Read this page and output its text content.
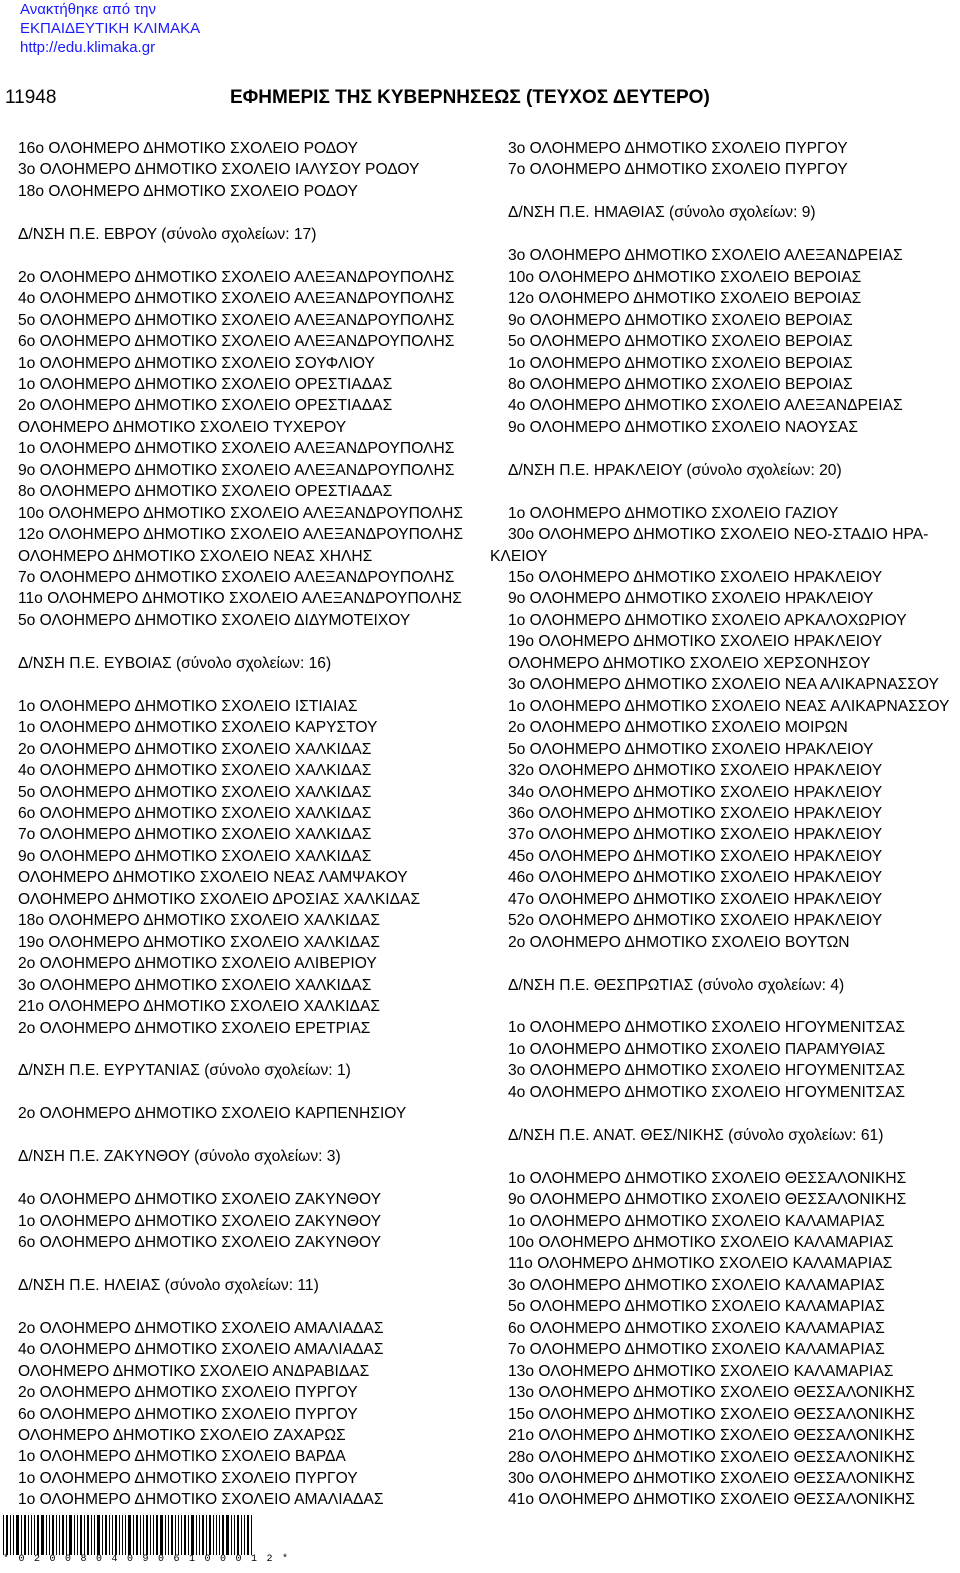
Ανακτήθηκε από την
ΕΚΠΑΙΔΕΥΤΙΚΗ ΚΛΙΜΑΚΑ
http://edu.klimaka.gr
11948	ΕΦΗΜΕΡΙΣ ΤΗΣ ΚΥΒΕΡΝΗΣΕΩΣ (ΤΕΥΧΟΣ ΔΕΥΤΕΡΟ)
16ο ΟΛΟΗΜΕΡΟ ΔΗΜΟΤΙΚΟ ΣΧΟΛΕΙΟ ΡΟΔΟΥ
3ο ΟΛΟΗΜΕΡΟ ΔΗΜΟΤΙΚΟ ΣΧΟΛΕΙΟ ΙΑΛΥΣΟΥ ΡΟΔΟΥ
18ο ΟΛΟΗΜΕΡΟ ΔΗΜΟΤΙΚΟ ΣΧΟΛΕΙΟ ΡΟΔΟΥ
Δ/ΝΣΗ Π.Ε. ΕΒΡΟΥ (σύνολο σχολείων: 17)
2ο ΟΛΟΗΜΕΡΟ ΔΗΜΟΤΙΚΟ ΣΧΟΛΕΙΟ ΑΛΕΞΑΝΔΡΟΥΠΟΛΗΣ
4ο ΟΛΟΗΜΕΡΟ ΔΗΜΟΤΙΚΟ ΣΧΟΛΕΙΟ ΑΛΕΞΑΝΔΡΟΥΠΟΛΗΣ
5ο ΟΛΟΗΜΕΡΟ ΔΗΜΟΤΙΚΟ ΣΧΟΛΕΙΟ ΑΛΕΞΑΝΔΡΟΥΠΟΛΗΣ
6ο ΟΛΟΗΜΕΡΟ ΔΗΜΟΤΙΚΟ ΣΧΟΛΕΙΟ ΑΛΕΞΑΝΔΡΟΥΠΟΛΗΣ
1ο ΟΛΟΗΜΕΡΟ ΔΗΜΟΤΙΚΟ ΣΧΟΛΕΙΟ ΣΟΥΦΛΙΟΥ
1ο ΟΛΟΗΜΕΡΟ ΔΗΜΟΤΙΚΟ ΣΧΟΛΕΙΟ ΟΡΕΣΤΙΑΔΑΣ
2ο ΟΛΟΗΜΕΡΟ ΔΗΜΟΤΙΚΟ ΣΧΟΛΕΙΟ ΟΡΕΣΤΙΑΔΑΣ
ΟΛΟΗΜΕΡΟ ΔΗΜΟΤΙΚΟ ΣΧΟΛΕΙΟ ΤΥΧΕΡΟΥ
1ο ΟΛΟΗΜΕΡΟ ΔΗΜΟΤΙΚΟ ΣΧΟΛΕΙΟ ΑΛΕΞΑΝΔΡΟΥΠΟΛΗΣ
9ο ΟΛΟΗΜΕΡΟ ΔΗΜΟΤΙΚΟ ΣΧΟΛΕΙΟ ΑΛΕΞΑΝΔΡΟΥΠΟΛΗΣ
8ο ΟΛΟΗΜΕΡΟ ΔΗΜΟΤΙΚΟ ΣΧΟΛΕΙΟ ΟΡΕΣΤΙΑΔΑΣ
10ο ΟΛΟΗΜΕΡΟ ΔΗΜΟΤΙΚΟ ΣΧΟΛΕΙΟ ΑΛΕΞΑΝΔΡΟΥΠΟΛΗΣ
12ο ΟΛΟΗΜΕΡΟ ΔΗΜΟΤΙΚΟ ΣΧΟΛΕΙΟ ΑΛΕΞΑΝΔΡΟΥΠΟΛΗΣ
ΟΛΟΗΜΕΡΟ ΔΗΜΟΤΙΚΟ ΣΧΟΛΕΙΟ ΝΕΑΣ ΧΗΛΗΣ
7ο ΟΛΟΗΜΕΡΟ ΔΗΜΟΤΙΚΟ ΣΧΟΛΕΙΟ ΑΛΕΞΑΝΔΡΟΥΠΟΛΗΣ
11ο ΟΛΟΗΜΕΡΟ ΔΗΜΟΤΙΚΟ ΣΧΟΛΕΙΟ ΑΛΕΞΑΝΔΡΟΥΠΟΛΗΣ
5ο ΟΛΟΗΜΕΡΟ ΔΗΜΟΤΙΚΟ ΣΧΟΛΕΙΟ ΔΙΔΥΜΟΤΕΙΧΟΥ
Δ/ΝΣΗ Π.Ε. ΕΥΒΟΙΑΣ (σύνολο σχολείων: 16)
1ο ΟΛΟΗΜΕΡΟ ΔΗΜΟΤΙΚΟ ΣΧΟΛΕΙΟ ΙΣΤΙΑΙΑΣ
1ο ΟΛΟΗΜΕΡΟ ΔΗΜΟΤΙΚΟ ΣΧΟΛΕΙΟ ΚΑΡΥΣΤΟΥ
2ο ΟΛΟΗΜΕΡΟ ΔΗΜΟΤΙΚΟ ΣΧΟΛΕΙΟ ΧΑΛΚΙΔΑΣ
4ο ΟΛΟΗΜΕΡΟ ΔΗΜΟΤΙΚΟ ΣΧΟΛΕΙΟ ΧΑΛΚΙΔΑΣ
5ο ΟΛΟΗΜΕΡΟ ΔΗΜΟΤΙΚΟ ΣΧΟΛΕΙΟ ΧΑΛΚΙΔΑΣ
6ο ΟΛΟΗΜΕΡΟ ΔΗΜΟΤΙΚΟ ΣΧΟΛΕΙΟ ΧΑΛΚΙΔΑΣ
7ο ΟΛΟΗΜΕΡΟ ΔΗΜΟΤΙΚΟ ΣΧΟΛΕΙΟ ΧΑΛΚΙΔΑΣ
9ο ΟΛΟΗΜΕΡΟ ΔΗΜΟΤΙΚΟ ΣΧΟΛΕΙΟ ΧΑΛΚΙΔΑΣ
ΟΛΟΗΜΕΡΟ ΔΗΜΟΤΙΚΟ ΣΧΟΛΕΙΟ ΝΕΑΣ ΛΑΜΨΑΚΟΥ
ΟΛΟΗΜΕΡΟ ΔΗΜΟΤΙΚΟ ΣΧΟΛΕΙΟ ΔΡΟΣΙΑΣ ΧΑΛΚΙΔΑΣ
18ο ΟΛΟΗΜΕΡΟ ΔΗΜΟΤΙΚΟ ΣΧΟΛΕΙΟ ΧΑΛΚΙΔΑΣ
19ο ΟΛΟΗΜΕΡΟ ΔΗΜΟΤΙΚΟ ΣΧΟΛΕΙΟ ΧΑΛΚΙΔΑΣ
2ο ΟΛΟΗΜΕΡΟ ΔΗΜΟΤΙΚΟ ΣΧΟΛΕΙΟ ΑΛΙΒΕΡΙΟΥ
3ο ΟΛΟΗΜΕΡΟ ΔΗΜΟΤΙΚΟ ΣΧΟΛΕΙΟ ΧΑΛΚΙΔΑΣ
21ο ΟΛΟΗΜΕΡΟ ΔΗΜΟΤΙΚΟ ΣΧΟΛΕΙΟ ΧΑΛΚΙΔΑΣ
2ο ΟΛΟΗΜΕΡΟ ΔΗΜΟΤΙΚΟ ΣΧΟΛΕΙΟ ΕΡΕΤΡΙΑΣ
Δ/ΝΣΗ Π.Ε. ΕΥΡΥΤΑΝΙΑΣ (σύνολο σχολείων: 1)
2ο ΟΛΟΗΜΕΡΟ ΔΗΜΟΤΙΚΟ ΣΧΟΛΕΙΟ ΚΑΡΠΕΝΗΣΙΟΥ
Δ/ΝΣΗ Π.Ε. ΖΑΚΥΝΘΟΥ (σύνολο σχολείων: 3)
4ο ΟΛΟΗΜΕΡΟ ΔΗΜΟΤΙΚΟ ΣΧΟΛΕΙΟ ΖΑΚΥΝΘΟΥ
1ο ΟΛΟΗΜΕΡΟ ΔΗΜΟΤΙΚΟ ΣΧΟΛΕΙΟ ΖΑΚΥΝΘΟΥ
6ο ΟΛΟΗΜΕΡΟ ΔΗΜΟΤΙΚΟ ΣΧΟΛΕΙΟ ΖΑΚΥΝΘΟΥ
Δ/ΝΣΗ Π.Ε. ΗΛΕΙΑΣ (σύνολο σχολείων: 11)
2ο ΟΛΟΗΜΕΡΟ ΔΗΜΟΤΙΚΟ ΣΧΟΛΕΙΟ ΑΜΑΛΙΑΔΑΣ
4ο ΟΛΟΗΜΕΡΟ ΔΗΜΟΤΙΚΟ ΣΧΟΛΕΙΟ ΑΜΑΛΙΑΔΑΣ
ΟΛΟΗΜΕΡΟ ΔΗΜΟΤΙΚΟ ΣΧΟΛΕΙΟ ΑΝΔΡΑΒΙΔΑΣ
2ο ΟΛΟΗΜΕΡΟ ΔΗΜΟΤΙΚΟ ΣΧΟΛΕΙΟ ΠΥΡΓΟΥ
6ο ΟΛΟΗΜΕΡΟ ΔΗΜΟΤΙΚΟ ΣΧΟΛΕΙΟ ΠΥΡΓΟΥ
ΟΛΟΗΜΕΡΟ ΔΗΜΟΤΙΚΟ ΣΧΟΛΕΙΟ ΖΑΧΑΡΩΣ
1ο ΟΛΟΗΜΕΡΟ ΔΗΜΟΤΙΚΟ ΣΧΟΛΕΙΟ ΒΑΡΔΑ
1ο ΟΛΟΗΜΕΡΟ ΔΗΜΟΤΙΚΟ ΣΧΟΛΕΙΟ ΠΥΡΓΟΥ
1ο ΟΛΟΗΜΕΡΟ ΔΗΜΟΤΙΚΟ ΣΧΟΛΕΙΟ ΑΜΑΛΙΑΔΑΣ
3ο ΟΛΟΗΜΕΡΟ ΔΗΜΟΤΙΚΟ ΣΧΟΛΕΙΟ ΠΥΡΓΟΥ
7ο ΟΛΟΗΜΕΡΟ ΔΗΜΟΤΙΚΟ ΣΧΟΛΕΙΟ ΠΥΡΓΟΥ
Δ/ΝΣΗ Π.Ε. ΗΜΑΘΙΑΣ (σύνολο σχολείων: 9)
3ο ΟΛΟΗΜΕΡΟ ΔΗΜΟΤΙΚΟ ΣΧΟΛΕΙΟ ΑΛΕΞΑΝΔΡΕΙΑΣ
10ο ΟΛΟΗΜΕΡΟ ΔΗΜΟΤΙΚΟ ΣΧΟΛΕΙΟ ΒΕΡΟΙΑΣ
12ο ΟΛΟΗΜΕΡΟ ΔΗΜΟΤΙΚΟ ΣΧΟΛΕΙΟ ΒΕΡΟΙΑΣ
9ο ΟΛΟΗΜΕΡΟ ΔΗΜΟΤΙΚΟ ΣΧΟΛΕΙΟ ΒΕΡΟΙΑΣ
5ο ΟΛΟΗΜΕΡΟ ΔΗΜΟΤΙΚΟ ΣΧΟΛΕΙΟ ΒΕΡΟΙΑΣ
1ο ΟΛΟΗΜΕΡΟ ΔΗΜΟΤΙΚΟ ΣΧΟΛΕΙΟ ΒΕΡΟΙΑΣ
8ο ΟΛΟΗΜΕΡΟ ΔΗΜΟΤΙΚΟ ΣΧΟΛΕΙΟ ΒΕΡΟΙΑΣ
4ο ΟΛΟΗΜΕΡΟ ΔΗΜΟΤΙΚΟ ΣΧΟΛΕΙΟ ΑΛΕΞΑΝΔΡΕΙΑΣ
9ο ΟΛΟΗΜΕΡΟ ΔΗΜΟΤΙΚΟ ΣΧΟΛΕΙΟ ΝΑΟΥΣΑΣ
Δ/ΝΣΗ Π.Ε. ΗΡΑΚΛΕΙΟΥ (σύνολο σχολείων: 20)
1ο ΟΛΟΗΜΕΡΟ ΔΗΜΟΤΙΚΟ ΣΧΟΛΕΙΟ ΓΑΖΙΟΥ
30ο ΟΛΟΗΜΕΡΟ ΔΗΜΟΤΙΚΟ ΣΧΟΛΕΙΟ ΝΕΟ-ΣΤΑΔΙΟ ΗΡΑ-
ΚΛΕΙΟΥ
15ο ΟΛΟΗΜΕΡΟ ΔΗΜΟΤΙΚΟ ΣΧΟΛΕΙΟ ΗΡΑΚΛΕΙΟΥ
9ο ΟΛΟΗΜΕΡΟ ΔΗΜΟΤΙΚΟ ΣΧΟΛΕΙΟ ΗΡΑΚΛΕΙΟΥ
1ο ΟΛΟΗΜΕΡΟ ΔΗΜΟΤΙΚΟ ΣΧΟΛΕΙΟ ΑΡΚΑΛΟΧΩΡΙΟΥ
19ο ΟΛΟΗΜΕΡΟ ΔΗΜΟΤΙΚΟ ΣΧΟΛΕΙΟ ΗΡΑΚΛΕΙΟΥ
ΟΛΟΗΜΕΡΟ ΔΗΜΟΤΙΚΟ ΣΧΟΛΕΙΟ ΧΕΡΣΟΝΗΣΟΥ
3ο ΟΛΟΗΜΕΡΟ ΔΗΜΟΤΙΚΟ ΣΧΟΛΕΙΟ ΝΕΑ ΑΛΙΚΑΡΝΑΣΣΟΥ
1ο ΟΛΟΗΜΕΡΟ ΔΗΜΟΤΙΚΟ ΣΧΟΛΕΙΟ ΝΕΑΣ ΑΛΙΚΑΡΝΑΣΣΟΥ
2ο ΟΛΟΗΜΕΡΟ ΔΗΜΟΤΙΚΟ ΣΧΟΛΕΙΟ ΜΟΙΡΩΝ
5ο ΟΛΟΗΜΕΡΟ ΔΗΜΟΤΙΚΟ ΣΧΟΛΕΙΟ ΗΡΑΚΛΕΙΟΥ
32ο ΟΛΟΗΜΕΡΟ ΔΗΜΟΤΙΚΟ ΣΧΟΛΕΙΟ ΗΡΑΚΛΕΙΟΥ
34ο ΟΛΟΗΜΕΡΟ ΔΗΜΟΤΙΚΟ ΣΧΟΛΕΙΟ ΗΡΑΚΛΕΙΟΥ
36ο ΟΛΟΗΜΕΡΟ ΔΗΜΟΤΙΚΟ ΣΧΟΛΕΙΟ ΗΡΑΚΛΕΙΟΥ
37ο ΟΛΟΗΜΕΡΟ ΔΗΜΟΤΙΚΟ ΣΧΟΛΕΙΟ ΗΡΑΚΛΕΙΟΥ
45ο ΟΛΟΗΜΕΡΟ ΔΗΜΟΤΙΚΟ ΣΧΟΛΕΙΟ ΗΡΑΚΛΕΙΟΥ
46ο ΟΛΟΗΜΕΡΟ ΔΗΜΟΤΙΚΟ ΣΧΟΛΕΙΟ ΗΡΑΚΛΕΙΟΥ
47ο ΟΛΟΗΜΕΡΟ ΔΗΜΟΤΙΚΟ ΣΧΟΛΕΙΟ ΗΡΑΚΛΕΙΟΥ
52ο ΟΛΟΗΜΕΡΟ ΔΗΜΟΤΙΚΟ ΣΧΟΛΕΙΟ ΗΡΑΚΛΕΙΟΥ
2ο ΟΛΟΗΜΕΡΟ ΔΗΜΟΤΙΚΟ ΣΧΟΛΕΙΟ ΒΟΥΤΩΝ
Δ/ΝΣΗ Π.Ε. ΘΕΣΠΡΩΤΙΑΣ (σύνολο σχολείων: 4)
1ο ΟΛΟΗΜΕΡΟ ΔΗΜΟΤΙΚΟ ΣΧΟΛΕΙΟ ΗΓΟΥΜΕΝΙΤΣΑΣ
1ο ΟΛΟΗΜΕΡΟ ΔΗΜΟΤΙΚΟ ΣΧΟΛΕΙΟ ΠΑΡΑΜΥΘΙΑΣ
3ο ΟΛΟΗΜΕΡΟ ΔΗΜΟΤΙΚΟ ΣΧΟΛΕΙΟ ΗΓΟΥΜΕΝΙΤΣΑΣ
4ο ΟΛΟΗΜΕΡΟ ΔΗΜΟΤΙΚΟ ΣΧΟΛΕΙΟ ΗΓΟΥΜΕΝΙΤΣΑΣ
Δ/ΝΣΗ Π.Ε. ΑΝΑΤ. ΘΕΣ/ΝΙΚΗΣ (σύνολο σχολείων: 61)
1ο ΟΛΟΗΜΕΡΟ ΔΗΜΟΤΙΚΟ ΣΧΟΛΕΙΟ ΘΕΣΣΑΛΟΝΙΚΗΣ
9ο ΟΛΟΗΜΕΡΟ ΔΗΜΟΤΙΚΟ ΣΧΟΛΕΙΟ ΘΕΣΣΑΛΟΝΙΚΗΣ
1ο ΟΛΟΗΜΕΡΟ ΔΗΜΟΤΙΚΟ ΣΧΟΛΕΙΟ ΚΑΛΑΜΑΡΙΑΣ
10ο ΟΛΟΗΜΕΡΟ ΔΗΜΟΤΙΚΟ ΣΧΟΛΕΙΟ ΚΑΛΑΜΑΡΙΑΣ
11ο ΟΛΟΗΜΕΡΟ ΔΗΜΟΤΙΚΟ ΣΧΟΛΕΙΟ ΚΑΛΑΜΑΡΙΑΣ
3ο ΟΛΟΗΜΕΡΟ ΔΗΜΟΤΙΚΟ ΣΧΟΛΕΙΟ ΚΑΛΑΜΑΡΙΑΣ
5ο ΟΛΟΗΜΕΡΟ ΔΗΜΟΤΙΚΟ ΣΧΟΛΕΙΟ ΚΑΛΑΜΑΡΙΑΣ
6ο ΟΛΟΗΜΕΡΟ ΔΗΜΟΤΙΚΟ ΣΧΟΛΕΙΟ ΚΑΛΑΜΑΡΙΑΣ
7ο ΟΛΟΗΜΕΡΟ ΔΗΜΟΤΙΚΟ ΣΧΟΛΕΙΟ ΚΑΛΑΜΑΡΙΑΣ
13ο ΟΛΟΗΜΕΡΟ ΔΗΜΟΤΙΚΟ ΣΧΟΛΕΙΟ ΚΑΛΑΜΑΡΙΑΣ
13ο ΟΛΟΗΜΕΡΟ ΔΗΜΟΤΙΚΟ ΣΧΟΛΕΙΟ ΘΕΣΣΑΛΟΝΙΚΗΣ
15ο ΟΛΟΗΜΕΡΟ ΔΗΜΟΤΙΚΟ ΣΧΟΛΕΙΟ ΘΕΣΣΑΛΟΝΙΚΗΣ
21ο ΟΛΟΗΜΕΡΟ ΔΗΜΟΤΙΚΟ ΣΧΟΛΕΙΟ ΘΕΣΣΑΛΟΝΙΚΗΣ
28ο ΟΛΟΗΜΕΡΟ ΔΗΜΟΤΙΚΟ ΣΧΟΛΕΙΟ ΘΕΣΣΑΛΟΝΙΚΗΣ
30ο ΟΛΟΗΜΕΡΟ ΔΗΜΟΤΙΚΟ ΣΧΟΛΕΙΟ ΘΕΣΣΑΛΟΝΙΚΗΣ
41ο ΟΛΟΗΜΕΡΟ ΔΗΜΟΤΙΚΟ ΣΧΟΛΕΙΟ ΘΕΣΣΑΛΟΝΙΚΗΣ
*02008040906100012*
